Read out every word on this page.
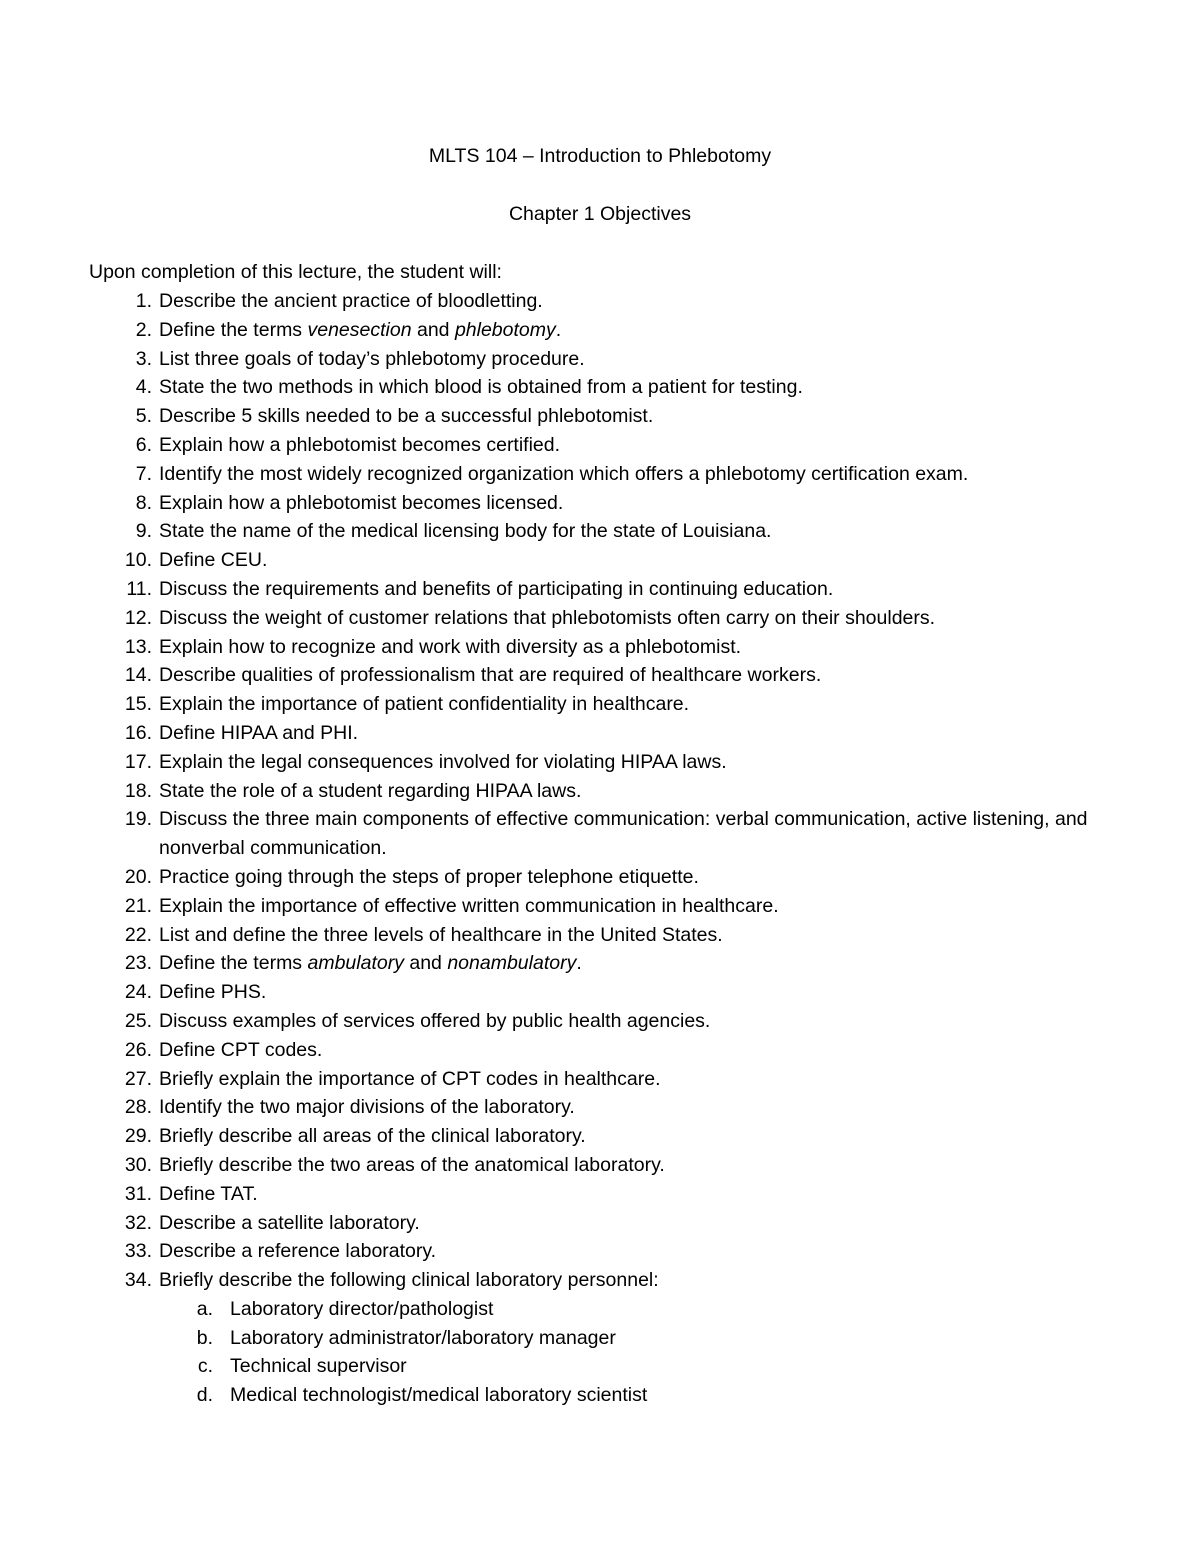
MLTS 104 – Introduction to Phlebotomy
Chapter 1 Objectives

Upon completion of this lecture, the student will:

1. Describe the ancient practice of bloodletting.
2. Define the terms venesection and phlebotomy.
3. List three goals of today’s phlebotomy procedure.
4. State the two methods in which blood is obtained from a patient for testing.
5. Describe 5 skills needed to be a successful phlebotomist.
6. Explain how a phlebotomist becomes certified.
7. Identify the most widely recognized organization which offers a phlebotomy certification exam.
8. Explain how a phlebotomist becomes licensed.
9. State the name of the medical licensing body for the state of Louisiana.
10. Define CEU.
11. Discuss the requirements and benefits of participating in continuing education.
12. Discuss the weight of customer relations that phlebotomists often carry on their shoulders.
13. Explain how to recognize and work with diversity as a phlebotomist.
14. Describe qualities of professionalism that are required of healthcare workers.
15. Explain the importance of patient confidentiality in healthcare.
16. Define HIPAA and PHI.
17. Explain the legal consequences involved for violating HIPAA laws.
18. State the role of a student regarding HIPAA laws.
19. Discuss the three main components of effective communication: verbal communication, active listening, and nonverbal communication.
20. Practice going through the steps of proper telephone etiquette.
21. Explain the importance of effective written communication in healthcare.
22. List and define the three levels of healthcare in the United States.
23. Define the terms ambulatory and nonambulatory.
24. Define PHS.
25. Discuss examples of services offered by public health agencies.
26. Define CPT codes.
27. Briefly explain the importance of CPT codes in healthcare.
28. Identify the two major divisions of the laboratory.
29. Briefly describe all areas of the clinical laboratory.
30. Briefly describe the two areas of the anatomical laboratory.
31. Define TAT.
32. Describe a satellite laboratory.
33. Describe a reference laboratory.
34. Briefly describe the following clinical laboratory personnel:
a. Laboratory director/pathologist
b. Laboratory administrator/laboratory manager
c. Technical supervisor
d. Medical technologist/medical laboratory scientist
